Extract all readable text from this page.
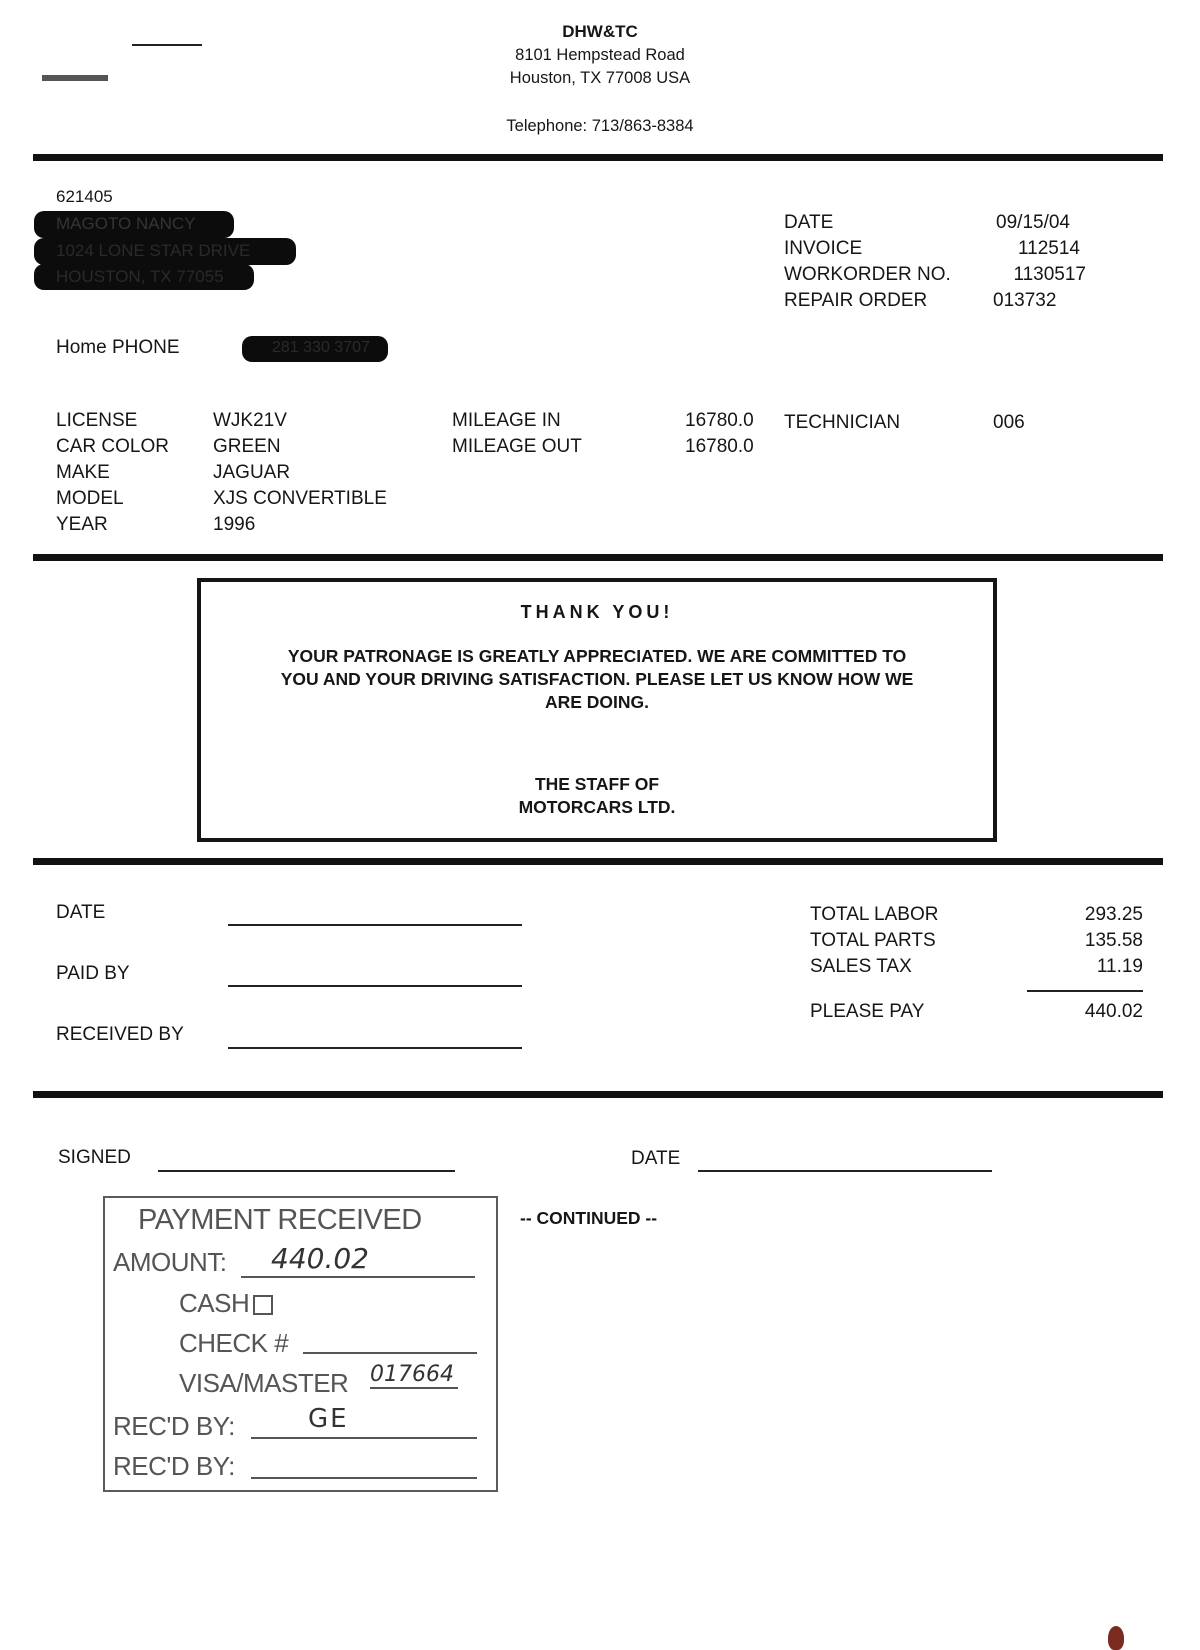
DHW&TC
8101 Hempstead Road
Houston, TX 77008 USA
Telephone: 713/863-8384
621405
MAGOTO NANCY
1024 LONE STAR DRIVE
HOUSTON, TX 77055
Home PHONE	281 330 3707
DATE	09/15/04
INVOICE	112514
WORKORDER NO.	1130517
REPAIR ORDER	013732
LICENSE	WJK21V
CAR COLOR GREEN
MAKE	JAGUAR
MODEL	XJS CONVERTIBLE
YEAR	1996
MILEAGE IN	16780.0
MILEAGE OUT	16780.0
TECHNICIAN	006
THANK YOU!
YOUR PATRONAGE IS GREATLY APPRECIATED. WE ARE COMMITTED TO
YOU AND YOUR DRIVING SATISFACTION. PLEASE LET US KNOW HOW WE
ARE DOING.
THE STAFF OF
MOTORCARS LTD.
DATE
PAID BY
RECEIVED BY
TOTAL LABOR	293.25
TOTAL PARTS	135.58
SALES TAX	11.19
PLEASE PAY	440.02
SIGNED	DATE
-- CONTINUED --
PAYMENT RECEIVED
AMOUNT: 440.02
CASH
CHECK #
VISA/MASTER 017664
REC'D BY:	GE
REC'D BY:
